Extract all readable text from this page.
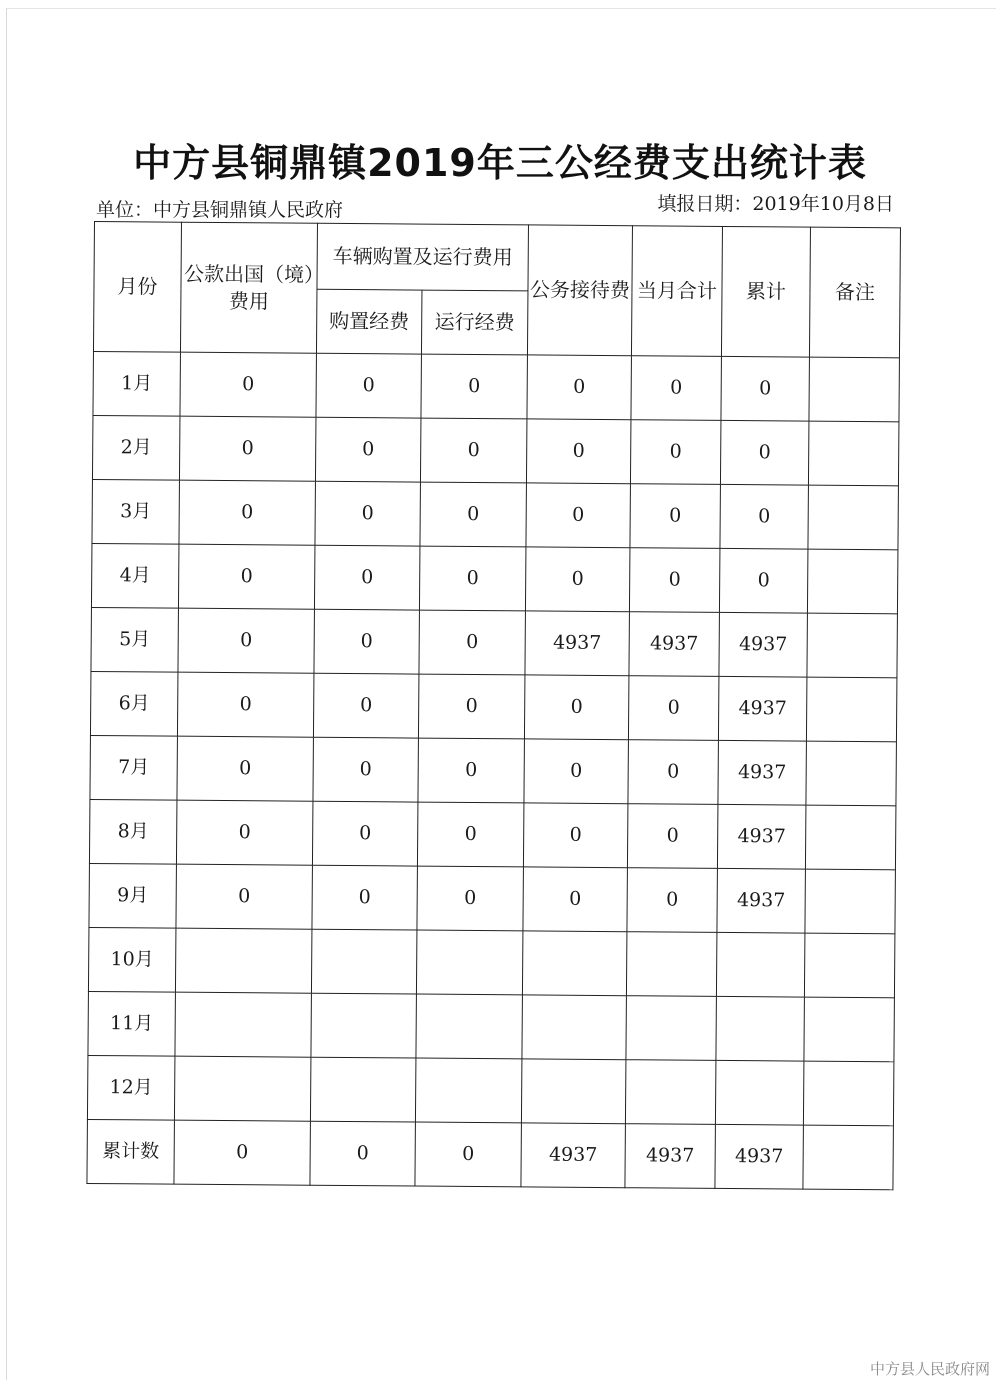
中方县铜鼎镇2019年三公经费支出统计表
单位：中方县铜鼎镇人民政府	填报日期：2019年10月8日
月份	公款出国（境）费用	车辆购置及运行费用		公务接待费	当月合计	累计	备注
		购置经费	运行经费				
1月	0	0	0	0	0	0	
2月	0	0	0	0	0	0	
3月	0	0	0	0	0	0	
4月	0	0	0	0	0	0	
5月	0	0	0	4937	4937	4937	
6月	0	0	0	0	0	4937	
7月	0	0	0	0	0	4937	
8月	0	0	0	0	0	4937	
9月	0	0	0	0	0	4937	
10月							
11月							
12月							
累计数	0	0	0	4937	4937	4937	
中方县人民政府网
